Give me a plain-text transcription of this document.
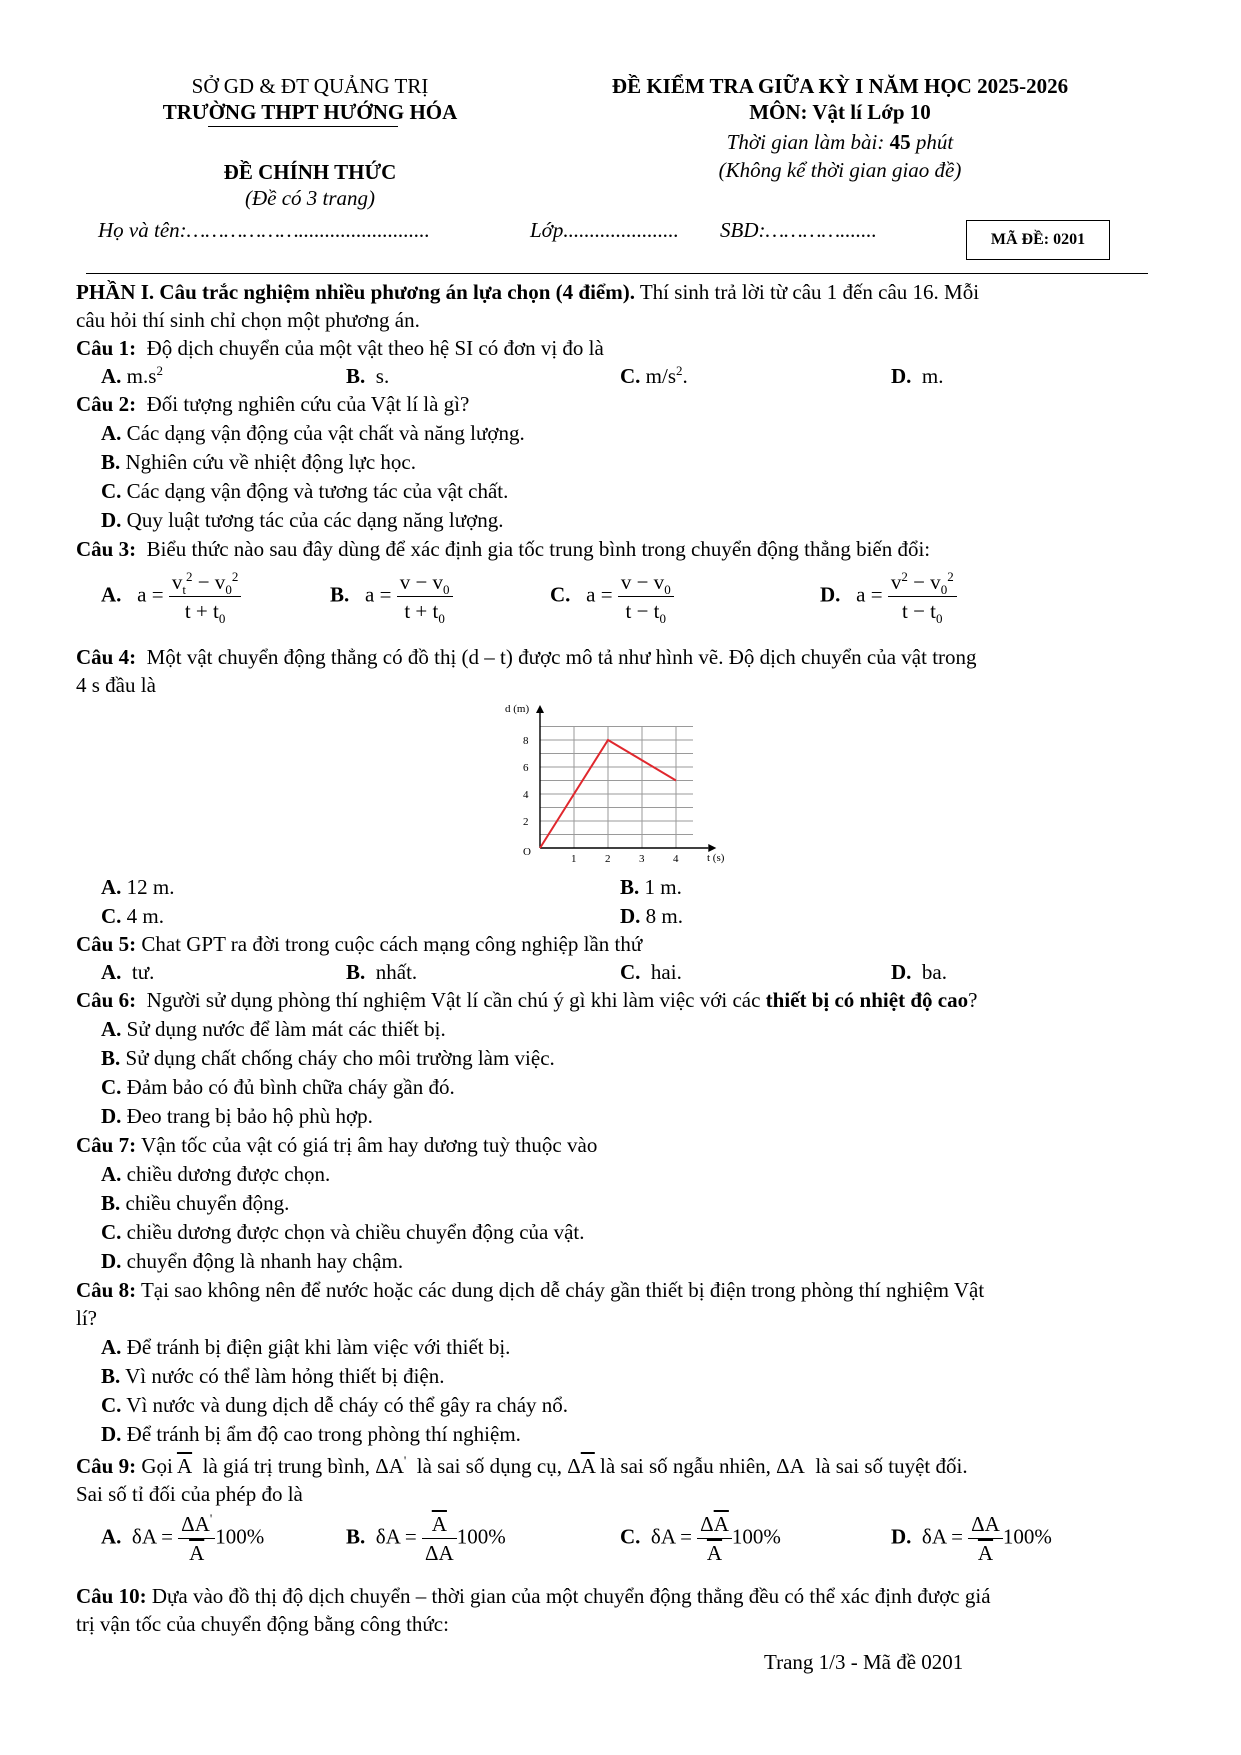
SỞ GD & ĐT QUẢNG TRỊ
TRƯỜNG THPT HƯỚNG HÓA
ĐỀ CHÍNH THỨC
(Đề có 3 trang)
ĐỀ KIỂM TRA GIỮA KỲ I NĂM HỌC 2025-2026
MÔN: Vật lí Lớp 10
Thời gian làm bài: 45 phút
(Không kể thời gian giao đề)
Họ và tên:……………….........................	Lớp...................... SBD:………….......	MÃ ĐỀ: 0201
PHẦN I. Câu trắc nghiệm nhiều phương án lựa chọn (4 điểm). Thí sinh trả lời từ câu 1 đến câu 16. Mỗi
câu hỏi thí sinh chỉ chọn một phương án.
Câu 1: Độ dịch chuyển của một vật theo hệ SI có đơn vị đo là
A. $m.s^2$	B. s.	C. $m/s^2$.	D. m.
Câu 2: Đối tượng nghiên cứu của Vật lí là gì?
A. Các dạng vận động của vật chất và năng lượng.
B. Nghiên cứu về nhiệt động lực học.
C. Các dạng vận động và tương tác của vật chất.
D. Quy luật tương tác của các dạng năng lượng.
Câu 3: Biểu thức nào sau đây dùng để xác định gia tốc trung bình trong chuyển động thẳng biến đổi:
A.   $a = \frac{v_t^2 - v_0^2}{t + t_0}$	B.   $a = \frac{v - v_0}{t + t_0}$	C.   $a = \frac{v - v_0}{t - t_0}$	D.   $a = \frac{v^2 - v_0^2}{t - t_0}$
Câu 4: Một vật chuyển động thẳng có đồ thị (d – t) được mô tả như hình vẽ. Độ dịch chuyển của vật trong
4 s đầu là
1	2	3	4
2
4
6
8
d (m)
t (s)
O
A. 12 m.	B. 1 m.
C. 4 m.	D. 8 m.
Câu 5: Chat GPT ra đời trong cuộc cách mạng công nghiệp lần thứ
A. tư.	B. nhất.	C. hai.	D. ba.
Câu 6: Người sử dụng phòng thí nghiệm Vật lí cần chú ý gì khi làm việc với các thiết bị có nhiệt độ cao?
A. Sử dụng nước để làm mát các thiết bị.
B. Sử dụng chất chống cháy cho môi trường làm việc.
C. Đảm bảo có đủ bình chữa cháy gần đó.
D. Đeo trang bị bảo hộ phù hợp.
Câu 7: Vận tốc của vật có giá trị âm hay dương tuỳ thuộc vào
A. chiều dương được chọn.
B. chiều chuyển động.
C. chiều dương được chọn và chiều chuyển động của vật.
D. chuyển động là nhanh hay chậm.
Câu 8: Tại sao không nên để nước hoặc các dung dịch dễ cháy gần thiết bị điện trong phòng thí nghiệm Vật
lí?
A. Để tránh bị điện giật khi làm việc với thiết bị.
B. Vì nước có thể làm hỏng thiết bị điện.
C. Vì nước và dung dịch dễ cháy có thể gây ra cháy nổ.
D. Để tránh bị ẩm độ cao trong phòng thí nghiệm.
Câu 9: Gọi $\overline{A}$ là giá trị trung bình, ΔA' là sai số dụng cụ, $\Delta\overline{A}$ là sai số ngẫu nhiên, ΔA  là sai số tuyệt đối.
Sai số tỉ đối của phép đo là
A.  $\delta A = \frac{\Delta A'}{A} 100\%$	B.  $\delta A = \frac{\overline{A}}{\Delta A} 100\%$	C.  $\delta A = \frac{\Delta\overline{A}}{A} 100\%$	D.  $\delta A = \frac{\Delta A}{A} 100\%$
Câu 10: Dựa vào đồ thị độ dịch chuyển – thời gian của một chuyển động thẳng đều có thể xác định được giá
trị vận tốc của chuyển động bằng công thức:
Trang 1/3 - Mã đề 0201
